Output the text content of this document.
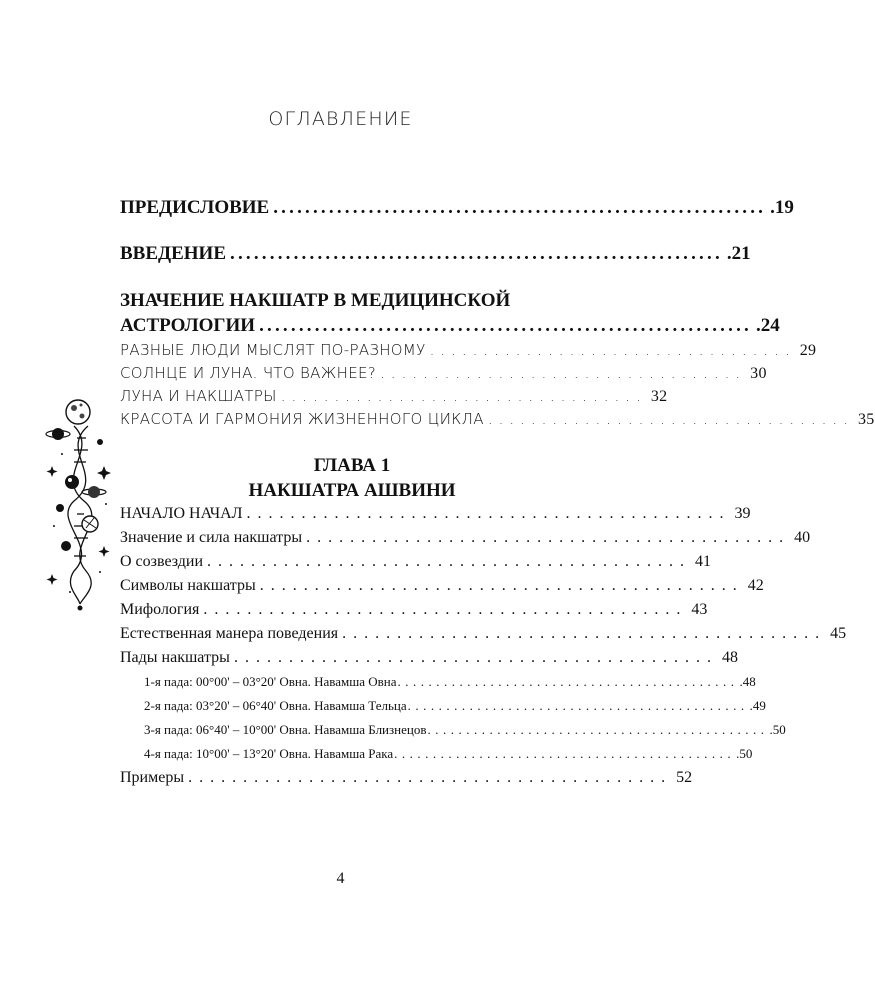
ОГЛАВЛЕНИЕ
ПРЕДИСЛОВИЕ .............................................................. .19
ВВЕДЕНИЕ .............................................................. .21
ЗНАЧЕНИЕ НАКШАТР В МЕДИЦИНСКОЙ
АСТРОЛОГИИ .............................................................. .24
РАЗНЫЕ ЛЮДИ МЫСЛЯТ ПО-РАЗНОМУ .................................. 29
СОЛНЦЕ И ЛУНА. ЧТО ВАЖНЕЕ? .................................. 30
ЛУНА И НАКШАТРЫ .................................. 32
КРАСОТА И ГАРМОНИЯ ЖИЗНЕННОГО ЦИКЛА .................................. 35
ГЛАВА 1
НАКШАТРА АШВИНИ
НАЧАЛО НАЧАЛ ............................................ 39
Значение и сила накшатры ............................................ 40
О созвездии ............................................ 41
Символы накшатры ............................................ 42
Мифология ............................................ 43
Естественная манера поведения ............................................ 45
Пады накшатры ............................................ 48
1-я пада: 00°00' – 03°20' Овна. Навамша Овна ............................................ .48
2-я пада: 03°20' – 06°40' Овна. Навамша Тельца ............................................ .49
3-я пада: 06°40' – 10°00' Овна. Навамша Близнецов ............................................ .50
4-я пада: 10°00' – 13°20' Овна. Навамша Рака ............................................ .50
Примеры ............................................ 52
4
